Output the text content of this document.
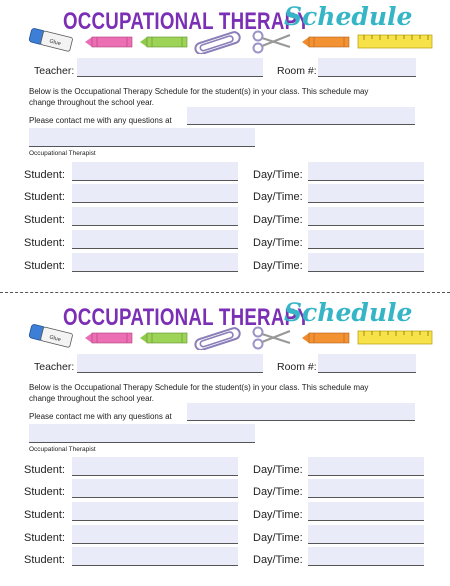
OCCUPATIONAL THERAPY
Schedule
Glue
Teacher:	Room #:
Below is the Occupational Therapy Schedule for the student(s) in your class. This schedule may
change throughout the school year.
Please contact me with any questions at
Occupational Therapist
Student:	Day/Time:
Student:	Day/Time:
Student:	Day/Time:
Student:	Day/Time:
Student:	Day/Time:
OCCUPATIONAL THERAPY
Schedule
Glue
Teacher:	Room #:
Below is the Occupational Therapy Schedule for the student(s) in your class. This schedule may
change throughout the school year.
Please contact me with any questions at
Occupational Therapist
Student:	Day/Time:
Student:	Day/Time:
Student:	Day/Time:
Student:	Day/Time:
Student:	Day/Time:
